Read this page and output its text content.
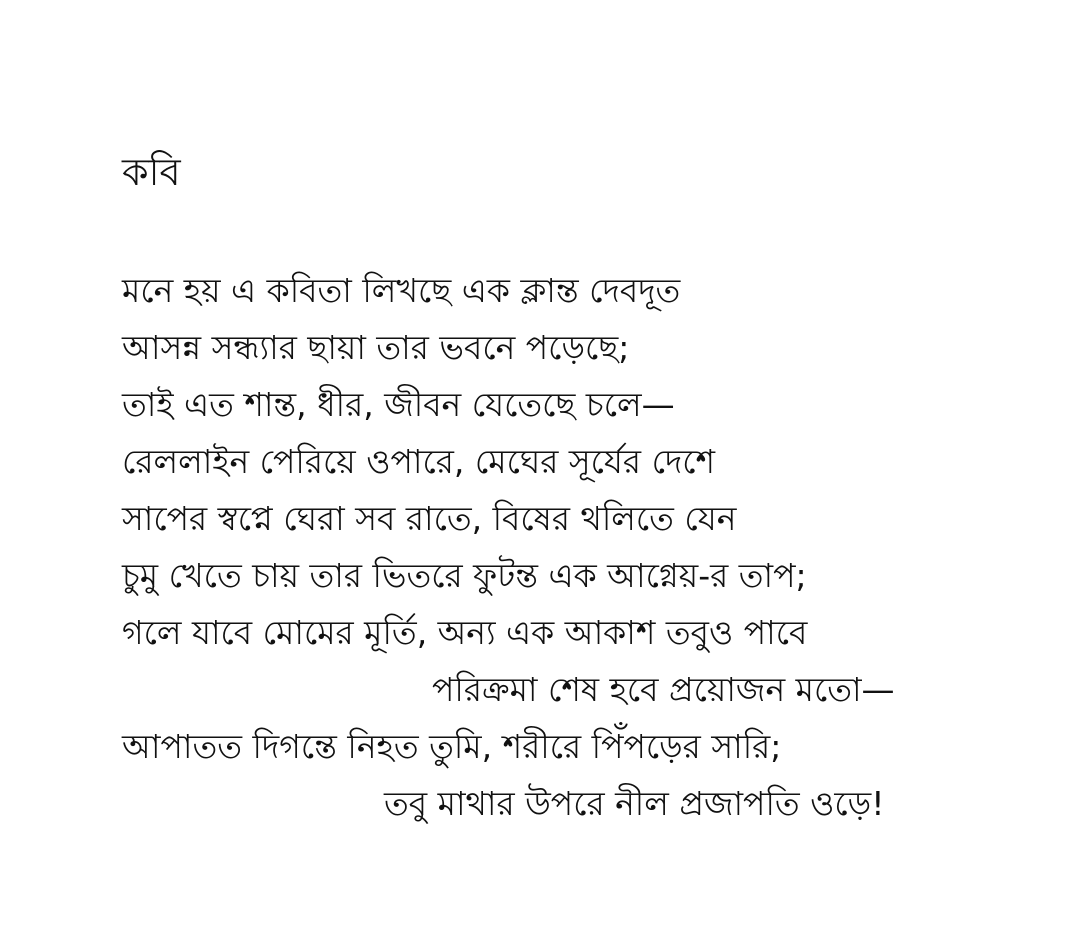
কবি
মনে হয় এ কবিতা লিখছে এক ক্লান্ত দেবদূত
আসন্ন সন্ধ্যার ছায়া তার ভবনে পড়েছে;
তাই এত শান্ত, ধীর, জীবন যেতেছে চলে—
রেললাইন পেরিয়ে ওপারে, মেঘের সূর্যের দেশে
সাপের স্বপ্নে ঘেরা সব রাতে, বিষের থলিতে যেন
চুমু খেতে চায় তার ভিতরে ফুটন্ত এক আগ্নেয়-র তাপ;
গলে যাবে মোমের মূর্তি, অন্য এক আকাশ তবুও পাবে
পরিক্রমা শেষ হবে প্রয়োজন মতো—
আপাতত দিগন্তে নিহত তুমি, শরীরে পিঁপড়ের সারি;
তবু মাথার উপরে নীল প্রজাপতি ওড়ে!
